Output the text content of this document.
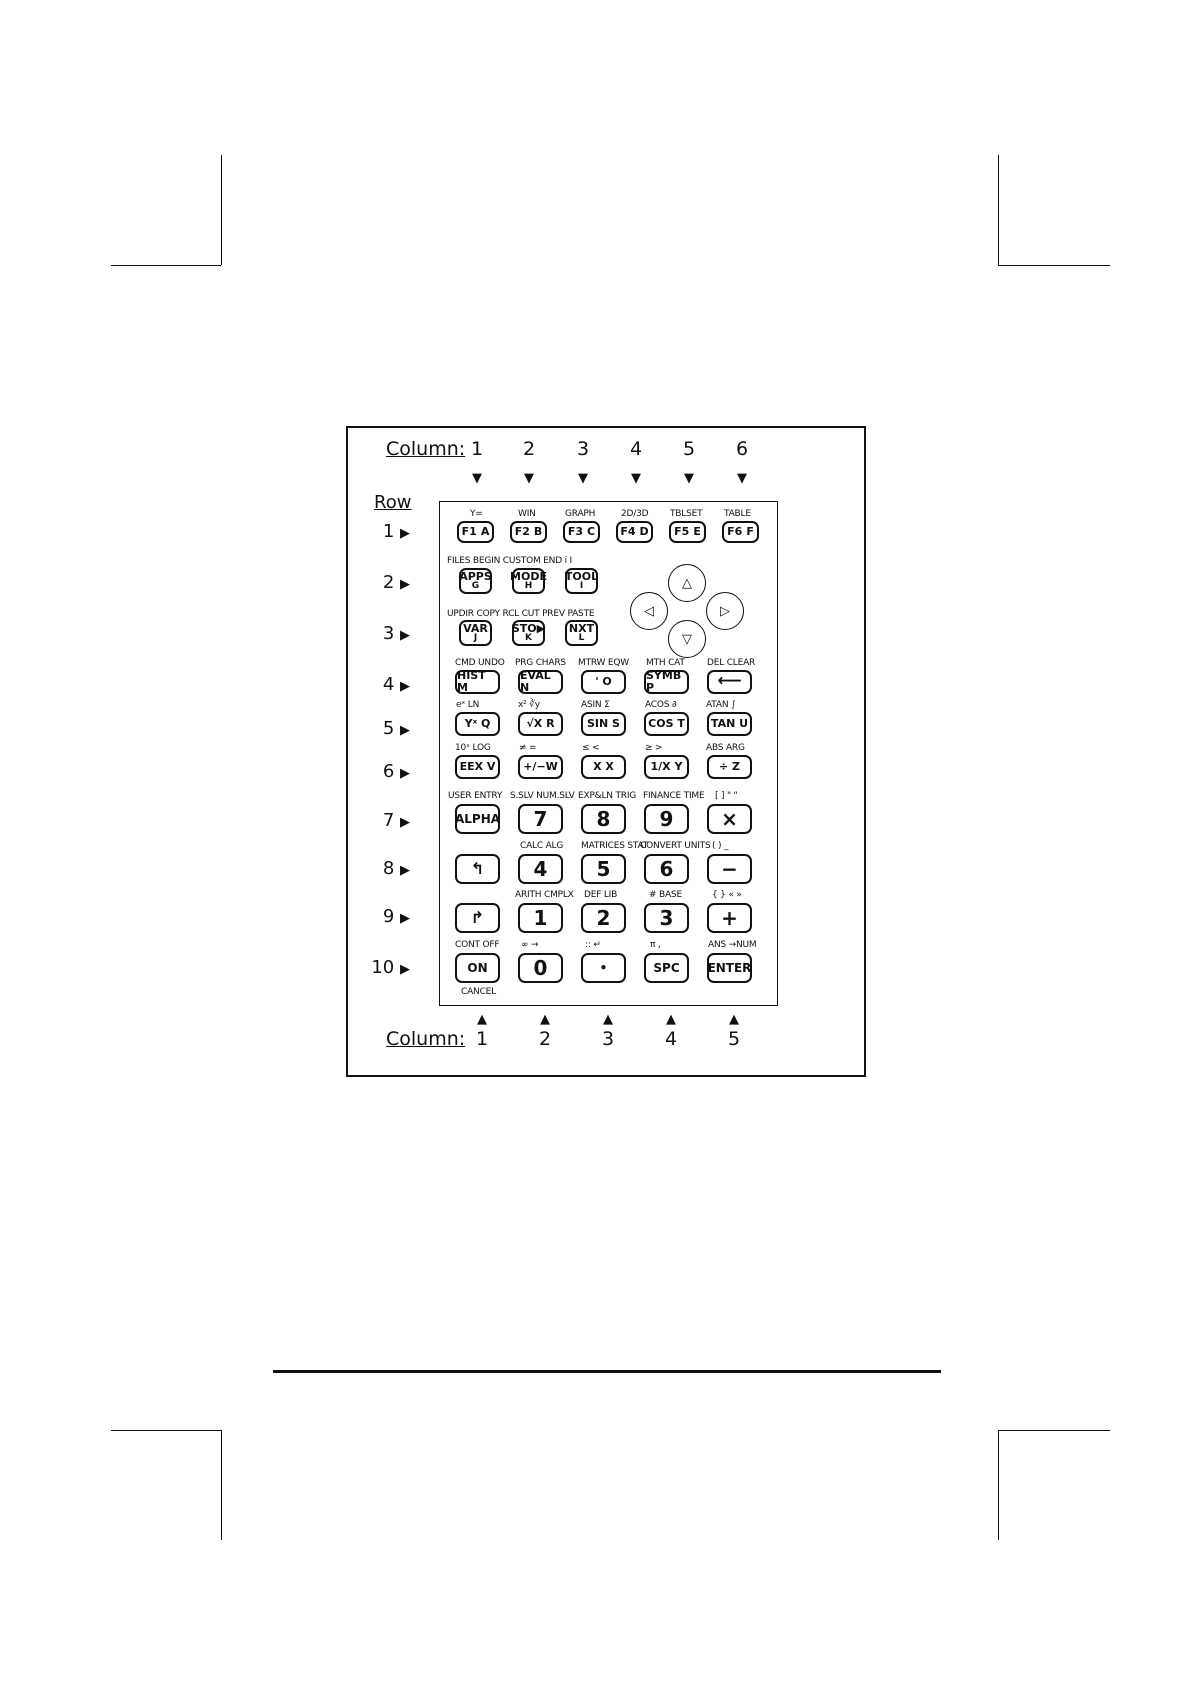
Column: 1	2	3	4	5	6
▼	▼	▼	▼	▼	▼
Row
1 ▶
2 ▶
3 ▶
4 ▶
5 ▶
6 ▶
7 ▶
8 ▶
9 ▶
10 ▶
Y=	WIN	GRAPH	2D/3D TBLSET TABLE
F1 A F2 B F3 C F4 D F5 E F6 F
FILES BEGIN CUSTOM END i I
APPS
G
MODE
H
TOOL
I	△
◁	▷
▽
UPDIR COPY RCL CUT PREV PASTE
VAR
J
STO▶
K
NXT
L
CMD UNDO PRG CHARS MTRW EQW MTH CAT DEL CLEAR
HIST M
EVAL N	' O	SYMB P	⟵
eˣ LN	x² ∛y	ASIN Σ	ACOS ∂	ATAN ∫
Yˣ Q	√X R	SIN S	COS T	TAN U
10ˣ LOG	≠ =	≤ <	≥ >	ABS ARG
EEX V	+/−W	X X	1/X Y	÷ Z
USER ENTRY S.SLV NUM.SLV EXP&LN TRIG FINANCE TIME [ ] " "
ALPHA	7	8	9	×
CALC ALG MATRICES STAT
CONVERT UNITS ( ) _
↰	4	5	6	−
ARITH CMPLX DEF LIB	# BASE	{ } « »
↱	1	2	3	+
CONT OFF ∞ →	:: ↵	π ,	ANS →NUM
ON	0	•	SPC	ENTER
CANCEL
▲	▲	▲	▲	▲
Column: 1	2	3	4	5
